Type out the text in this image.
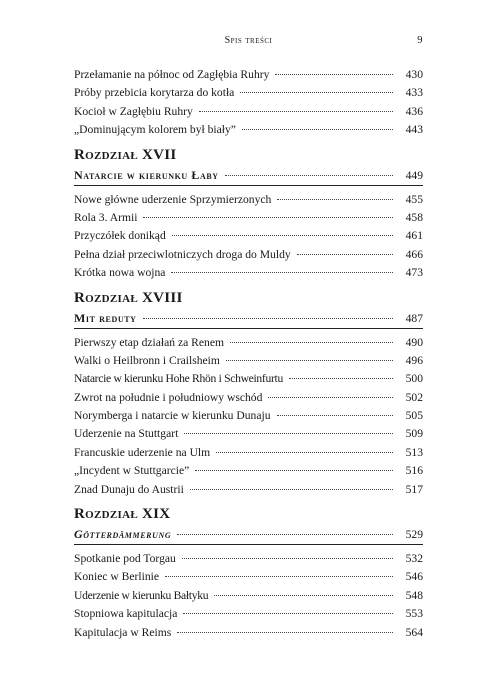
Spis treści	9
Przełamanie na północ od Zagłębia Ruhry	430
Próby przebicia korytarza do kotła	433
Kocioł w Zagłębiu Ruhry	436
„Dominującym kolorem był biały”	443
Rozdział XVII
Natarcie w kierunku Łaby	449
Nowe główne uderzenie Sprzymierzonych	455
Rola 3. Armii	458
Przyczółek donikąd	461
Pełna dział przeciwlotniczych droga do Muldy	466
Krótka nowa wojna	473
Rozdział XVIII
Mit reduty	487
Pierwszy etap działań za Renem	490
Walki o Heilbronn i Crailsheim	496
Natarcie w kierunku Hohe Rhön i Schweinfurtu	500
Zwrot na południe i południowy wschód	502
Norymberga i natarcie w kierunku Dunaju	505
Uderzenie na Stuttgart	509
Francuskie uderzenie na Ulm	513
„Incydent w Stuttgarcie”	516
Znad Dunaju do Austrii	517
Rozdział XIX
Götterdämmerung	529
Spotkanie pod Torgau	532
Koniec w Berlinie	546
Uderzenie w kierunku Bałtyku	548
Stopniowa kapitulacja	553
Kapitulacja w Reims	564
